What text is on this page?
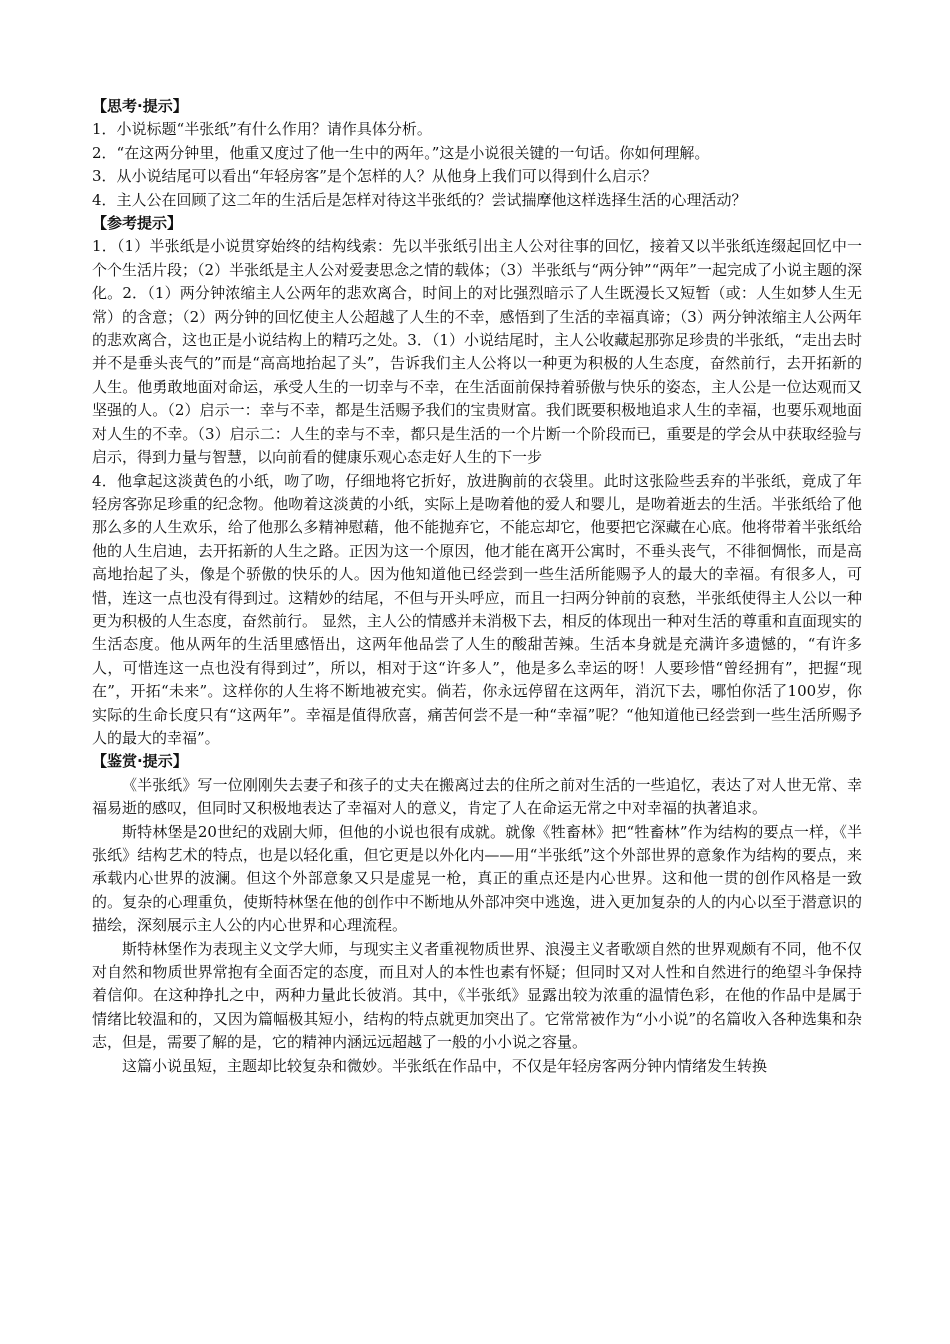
【思考·提示】
1．小说标题“半张纸”有什么作用？请作具体分析。
2．“在这两分钟里，他重又度过了他一生中的两年。”这是小说很关键的一句话。你如何理解。
3．从小说结尾可以看出“年轻房客”是个怎样的人？从他身上我们可以得到什么启示？
4．主人公在回顾了这二年的生活后是怎样对待这半张纸的？尝试揣摩他这样选择生活的心理活动？
【参考提示】

1．（1）半张纸是小说贯穿始终的结构线索：先以半张纸引出主人公对往事的回忆，接着又以半张纸连缀起回忆中一个个生活片段；（2）半张纸是主人公对爱妻思念之情的载体；（3）半张纸与“两分钟”“两年”一起完成了小说主题的深化。2．（1）两分钟浓缩主人公两年的悲欢离合，时间上的对比强烈暗示了人生既漫长又短暂（或：人生如梦人生无常）的含意；（2）两分钟的回忆使主人公超越了人生的不幸，感悟到了生活的幸福真谛；（3）两分钟浓缩主人公两年的悲欢离合，这也正是小说结构上的精巧之处。3．（1）小说结尾时，主人公收藏起那弥足珍贵的半张纸，“走出去时并不是垂头丧气的”而是“高高地抬起了头”，告诉我们主人公将以一种更为积极的人生态度，奋然前行，去开拓新的人生。他勇敢地面对命运，承受人生的一切幸与不幸，在生活面前保持着骄傲与快乐的姿态，主人公是一位达观而又坚强的人。（2）启示一：幸与不幸，都是生活赐予我们的宝贵财富。我们既要积极地追求人生的幸福，也要乐观地面对人生的不幸。（3）启示二：人生的幸与不幸，都只是生活的一个片断一个阶段而已，重要是的学会从中获取经验与启示，得到力量与智慧，以向前看的健康乐观心态走好人生的下一步

4．他拿起这淡黄色的小纸，吻了吻，仔细地将它折好，放进胸前的衣袋里。此时这张险些丢弃的半张纸，竟成了年轻房客弥足珍重的纪念物。他吻着这淡黄的小纸，实际上是吻着他的爱人和婴儿，是吻着逝去的生活。半张纸给了他那么多的人生欢乐，给了他那么多精神慰藉，他不能抛弃它，不能忘却它，他要把它深藏在心底。他将带着半张纸给他的人生启迪，去开拓新的人生之路。正因为这一个原因，他才能在离开公寓时，不垂头丧气，不徘徊惆怅，而是高高地抬起了头，像是个骄傲的快乐的人。因为他知道他已经尝到一些生活所能赐予人的最大的幸福。有很多人，可惜，连这一点也没有得到过。这精妙的结尾，不但与开头呼应，而且一扫两分钟前的哀愁，半张纸使得主人公以一种更为积极的人生态度，奋然前行。 显然，主人公的情感并未消极下去，相反的体现出一种对生活的尊重和直面现实的生活态度。他从两年的生活里感悟出，这两年他品尝了人生的酸甜苦辣。生活本身就是充满许多遗憾的，“有许多人，可惜连这一点也没有得到过”，所以，相对于这“许多人”，他是多么幸运的呀！人要珍惜“曾经拥有”，把握“现在”，开拓“未来”。这样你的人生将不断地被充实。倘若，你永远停留在这两年，消沉下去，哪怕你活了100岁，你实际的生命长度只有“这两年”。幸福是值得欣喜，痛苦何尝不是一种“幸福”呢？“他知道他已经尝到一些生活所赐予人的最大的幸福”。

【鉴赏·提示】

《半张纸》写一位刚刚失去妻子和孩子的丈夫在搬离过去的住所之前对生活的一些追忆，表达了对人世无常、幸福易逝的感叹，但同时又积极地表达了幸福对人的意义，肯定了人在命运无常之中对幸福的执著追求。

斯特林堡是20世纪的戏剧大师，但他的小说也很有成就。就像《牲畜林》把“牲畜林”作为结构的要点一样，《半张纸》结构艺术的特点，也是以轻化重，但它更是以外化内——用“半张纸”这个外部世界的意象作为结构的要点，来承载内心世界的波澜。但这个外部意象又只是虚晃一枪，真正的重点还是内心世界。这和他一贯的创作风格是一致的。复杂的心理重负，使斯特林堡在他的创作中不断地从外部冲突中逃逸，进入更加复杂的人的内心以至于潜意识的描绘，深刻展示主人公的内心世界和心理流程。

斯特林堡作为表现主义文学大师，与现实主义者重视物质世界、浪漫主义者歌颂自然的世界观颇有不同，他不仅对自然和物质世界常抱有全面否定的态度，而且对人的本性也素有怀疑；但同时又对人性和自然进行的绝望斗争保持着信仰。在这种挣扎之中，两种力量此长彼消。其中，《半张纸》显露出较为浓重的温情色彩，在他的作品中是属于情绪比较温和的，又因为篇幅极其短小，结构的特点就更加突出了。它常常被作为“小小说”的名篇收入各种选集和杂志，但是，需要了解的是，它的精神内涵远远超越了一般的小小说之容量。

这篇小说虽短，主题却比较复杂和微妙。半张纸在作品中，不仅是年轻房客两分钟内情绪发生转换
